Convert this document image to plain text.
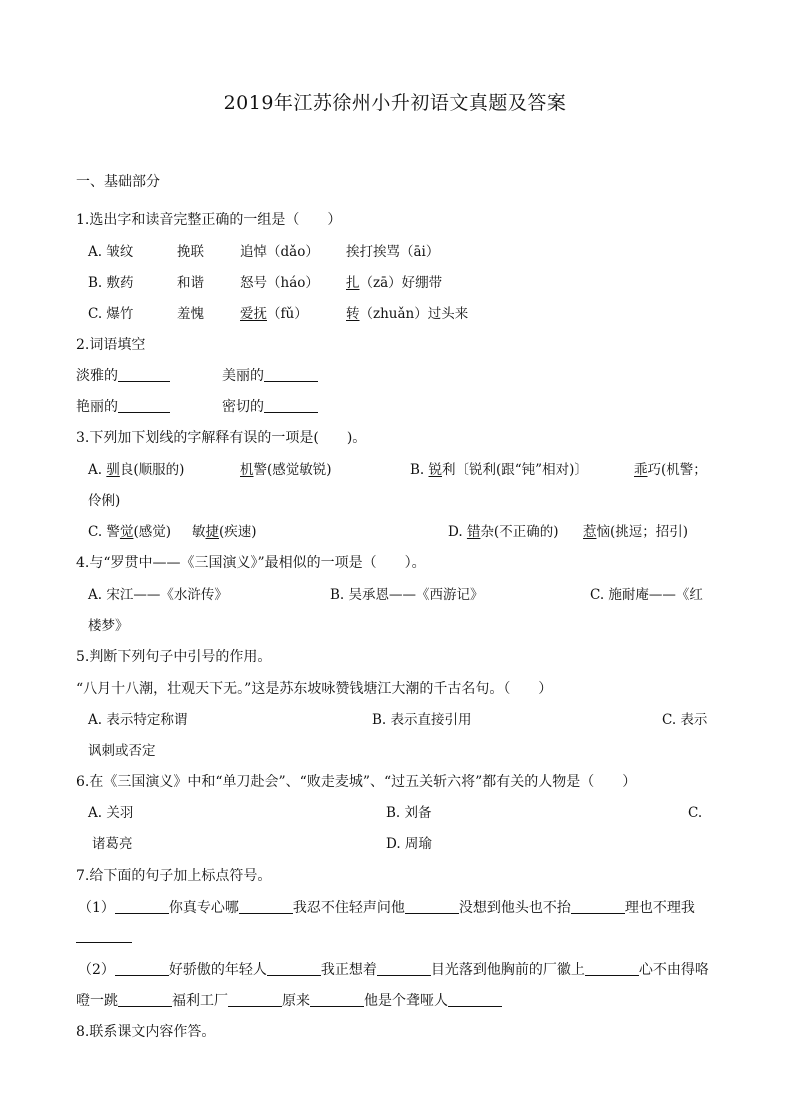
2019年江苏徐州小升初语文真题及答案
一、基础部分
1.选出字和读音完整正确的一组是（　　）
A. 皱纹	挽联	追悼（dǎo） 挨打挨骂（āi）
B. 敷药	和谐	怒号（háo） 扎（zā）好绷带
C. 爆竹	羞愧	爱抚（fǔ）	转（zhuǎn）过头来
2.词语填空
淡雅的	美丽的
艳丽的	密切的
3.下列加下划线的字解释有误的一项是(　　)。
A. 驯良(顺服的)	机警(感觉敏锐)	B. 锐利〔锐利(跟“钝”相对)〕	乖巧(机警；
伶俐)
C. 警觉(感觉) 敏捷(疾速)	D. 错杂(不正确的) 惹恼(挑逗；招引)
4.与“罗贯中——《三国演义》”最相似的一项是（　　）。
A. 宋江——《水浒传》	B. 吴承恩——《西游记》	C. 施耐庵——《红
楼梦》
5.判断下列句子中引号的作用。
“八月十八潮，壮观天下无。”这是苏东坡咏赞钱塘江大潮的千古名句。（　　）
A. 表示特定称谓	B. 表示直接引用	C. 表示
讽刺或否定
6.在《三国演义》中和“单刀赴会”、“败走麦城”、“过五关斩六将”都有关的人物是（　　）
A. 关羽	B. 刘备	C.
诸葛亮	D. 周瑜
7.给下面的句子加上标点符号。
（1）	你真专心哪	我忍不住轻声问他	没想到他头也不抬	理也不理我
（2）	好骄傲的年轻人	我正想着	目光落到他胸前的厂徽上	心不由得咯
噔一跳	福利工厂	原来	他是个聋哑人
8.联系课文内容作答。
